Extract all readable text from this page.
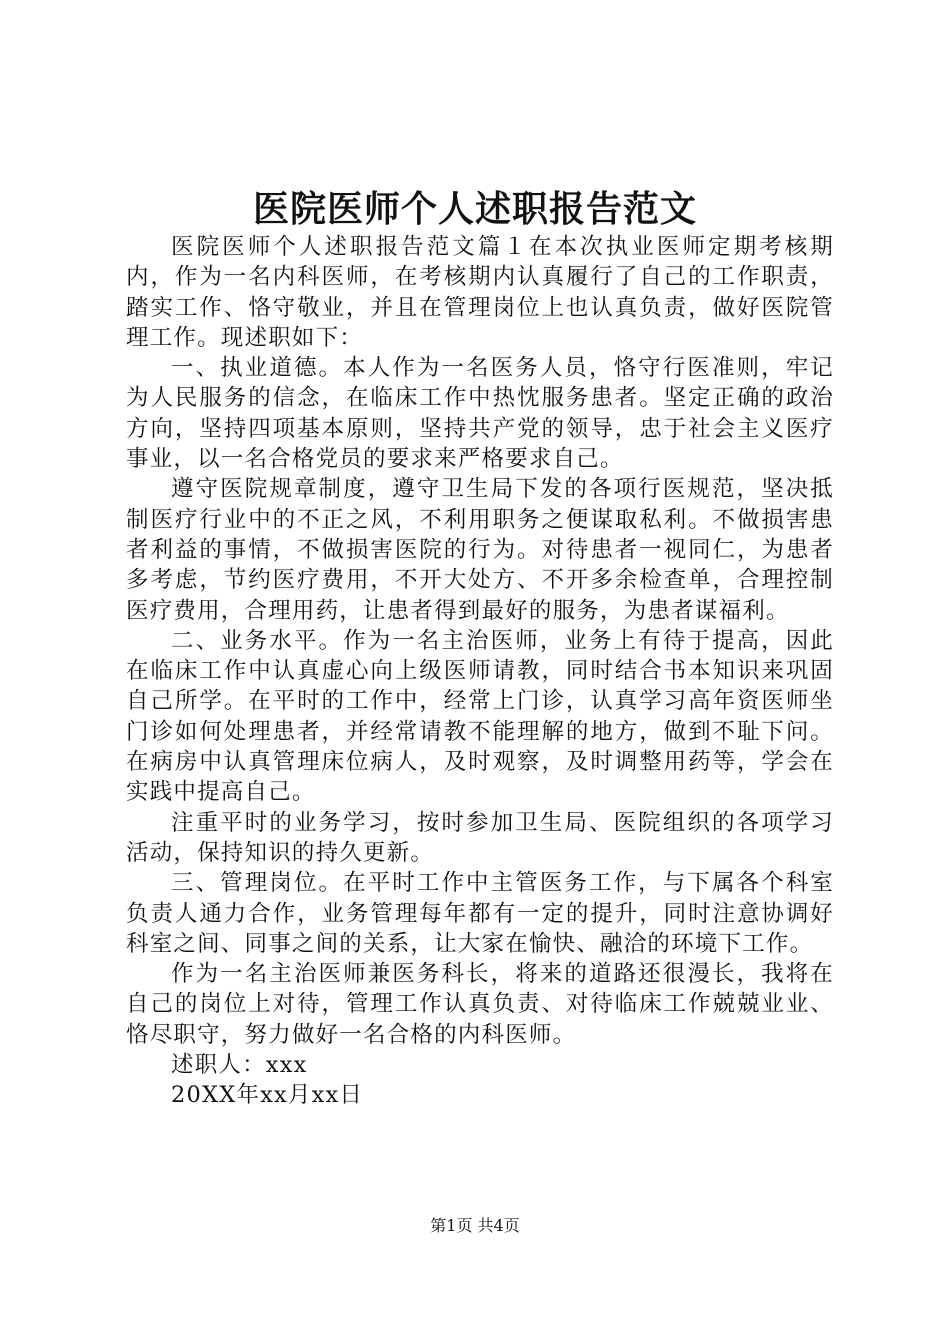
医院医师个人述职报告范文

医院医师个人述职报告范文篇１在本次执业医师定期考核期内，作为一名内科医师，在考核期内认真履行了自己的工作职责，踏实工作、恪守敬业，并且在管理岗位上也认真负责，做好医院管理工作。现述职如下：

一、执业道德。本人作为一名医务人员，恪守行医准则，牢记为人民服务的信念，在临床工作中热忱服务患者。坚定正确的政治方向，坚持四项基本原则，坚持共产党的领导，忠于社会主义医疗事业，以一名合格党员的要求来严格要求自己。

遵守医院规章制度，遵守卫生局下发的各项行医规范，坚决抵制医疗行业中的不正之风，不利用职务之便谋取私利。不做损害患者利益的事情，不做损害医院的行为。对待患者一视同仁，为患者多考虑，节约医疗费用，不开大处方、不开多余检查单，合理控制医疗费用，合理用药，让患者得到最好的服务，为患者谋福利。

二、业务水平。作为一名主治医师，业务上有待于提高，因此在临床工作中认真虚心向上级医师请教，同时结合书本知识来巩固自己所学。在平时的工作中，经常上门诊，认真学习高年资医师坐门诊如何处理患者，并经常请教不能理解的地方，做到不耻下问。在病房中认真管理床位病人，及时观察，及时调整用药等，学会在实践中提高自己。

注重平时的业务学习，按时参加卫生局、医院组织的各项学习活动，保持知识的持久更新。

三、管理岗位。在平时工作中主管医务工作，与下属各个科室负责人通力合作，业务管理每年都有一定的提升，同时注意协调好科室之间、同事之间的关系，让大家在愉快、融洽的环境下工作。

作为一名主治医师兼医务科长，将来的道路还很漫长，我将在自己的岗位上对待，管理工作认真负责、对待临床工作兢兢业业、恪尽职守，努力做好一名合格的内科医师。

述职人：xxx

20XX年xx月xx日

第1页 共4页
